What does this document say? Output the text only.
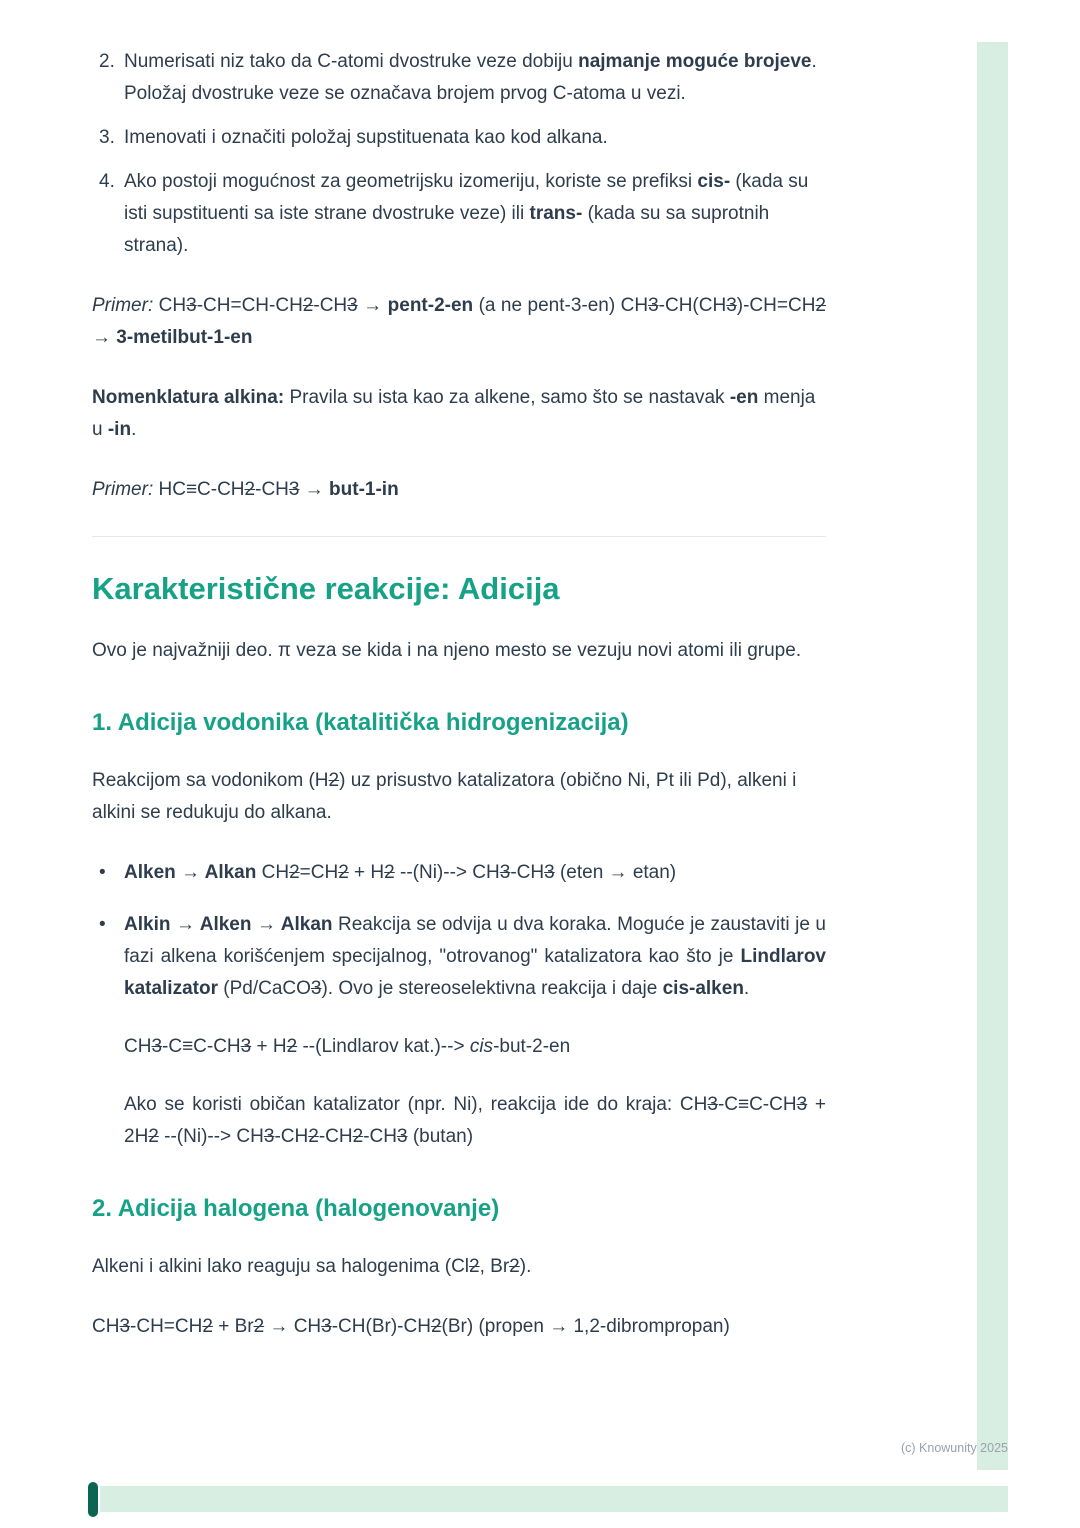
2. Numerisati niz tako da C-atomi dvostruke veze dobiju najmanje moguće brojeve. Položaj dvostruke veze se označava brojem prvog C-atoma u vezi.
3. Imenovati i označiti položaj supstituenata kao kod alkana.
4. Ako postoji mogućnost za geometrijsku izomeriju, koriste se prefiksi cis- (kada su isti supstituenti sa iste strane dvostruke veze) ili trans- (kada su sa suprotnih strana).

Primer: CH3-CH=CH-CH2-CH3 → pent-2-en (a ne pent-3-en) CH3-CH(CH3)-CH=CH2 → 3-metilbut-1-en

Nomenklatura alkina: Pravila su ista kao za alkene, samo što se nastavak -en menja u -in.

Primer: HC≡C-CH2-CH3 → but-1-in

Karakteristične reakcije: Adicija

Ovo je najvažniji deo. π veza se kida i na njeno mesto se vezuju novi atomi ili grupe.

1. Adicija vodonika (katalitička hidrogenizacija)

Reakcijom sa vodonikom (H2) uz prisustvo katalizatora (obično Ni, Pt ili Pd), alkeni i alkini se redukuju do alkana.

• Alken → Alkan CH2=CH2 + H2 --(Ni)--> CH3-CH3 (eten → etan)
• Alkin → Alken → Alkan Reakcija se odvija u dva koraka. Moguće je zaustaviti je u fazi alkena korišćenjem specijalnog, "otrovanog" katalizatora kao što je Lindlarov katalizator (Pd/CaCO3). Ovo je stereoselektivna reakcija i daje cis-alken.

CH3-C≡C-CH3 + H2 --(Lindlarov kat.)--> cis-but-2-en

Ako se koristi običan katalizator (npr. Ni), reakcija ide do kraja: CH3-C≡C-CH3 + 2H2 --(Ni)--> CH3-CH2-CH2-CH3 (butan)

2. Adicija halogena (halogenovanje)

Alkeni i alkini lako reaguju sa halogenima (Cl2, Br2).

CH3-CH=CH2 + Br2 → CH3-CH(Br)-CH2(Br) (propen → 1,2-dibrompropan)

(c) Knowunity 2025
